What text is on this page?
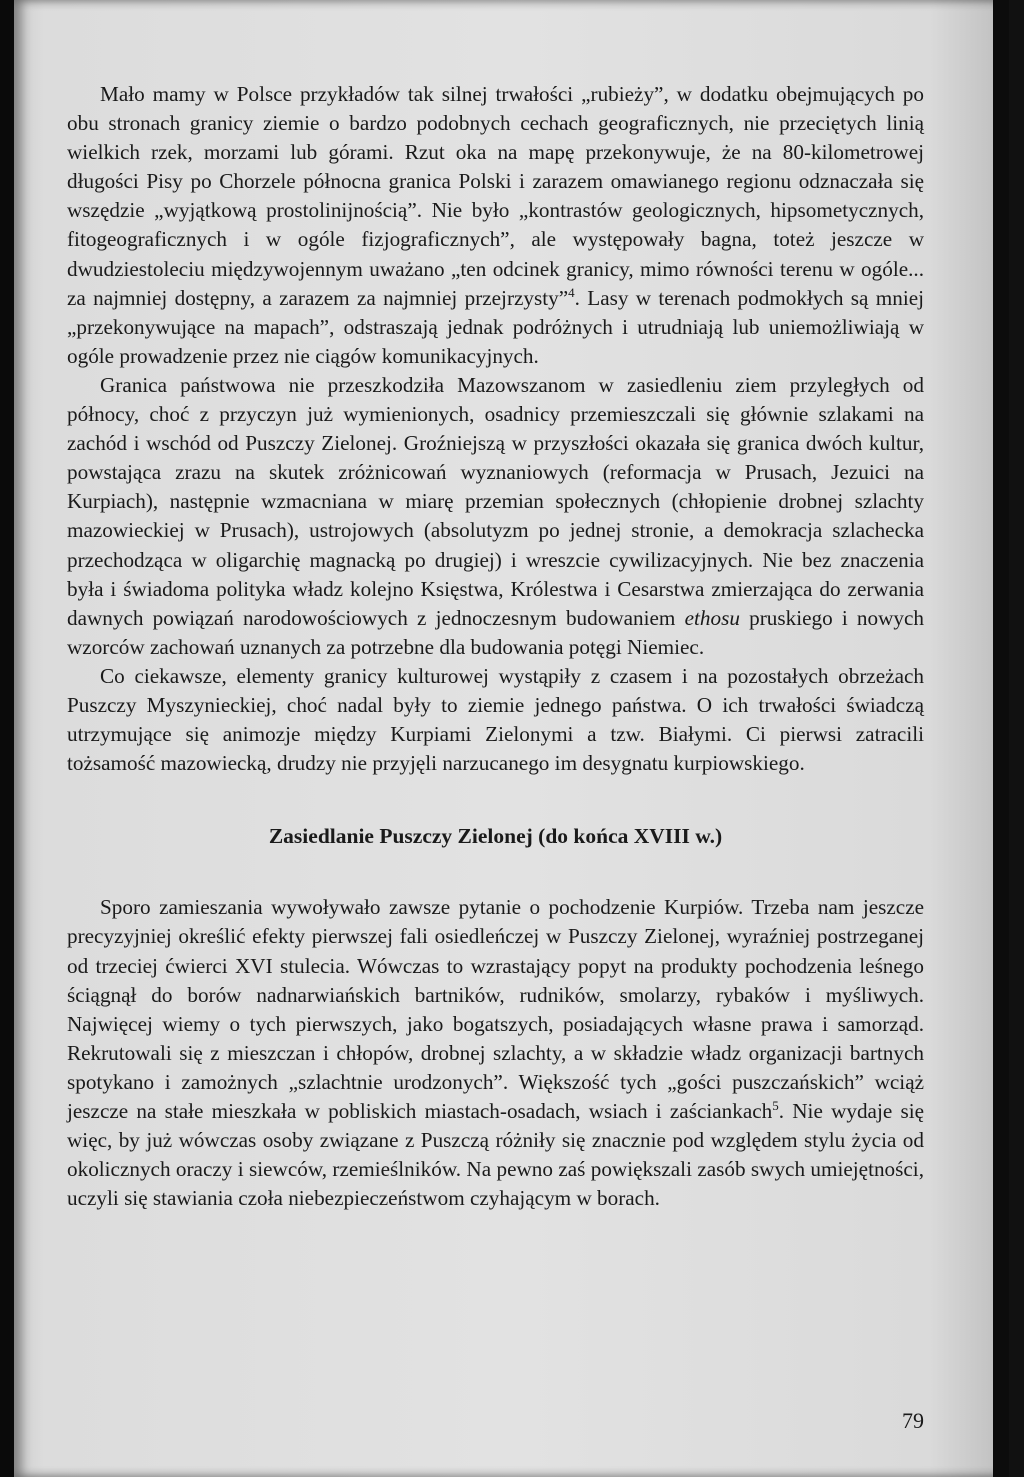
Mało mamy w Polsce przykładów tak silnej trwałości „rubieży”, w dodatku obejmujących po obu stronach granicy ziemie o bardzo podobnych cechach geograficznych, nie przeciętych linią wielkich rzek, morzami lub górami. Rzut oka na mapę przekonywuje, że na 80-kilometrowej długości Pisy po Chorzele północna granica Polski i zarazem omawianego regionu odznaczała się wszędzie „wyjątkową prostolinijnością”. Nie było „kontrastów geologicznych, hipsometycznych, fitogeograficznych i w ogóle fizjograficznych”, ale występowały bagna, toteż jeszcze w dwudziestoleciu międzywojennym uważano „ten odcinek granicy, mimo równości terenu w ogóle... za najmniej dostępny, a zarazem za najmniej przejrzysty”$^4$. Lasy w terenach podmokłych są mniej „przekonywujące na mapach”, odstraszają jednak podróżnych i utrudniają lub uniemożliwiają w ogóle prowadzenie przez nie ciągów komunikacyjnych.

Granica państwowa nie przeszkodziła Mazowszanom w zasiedleniu ziem przyległych od północy, choć z przyczyn już wymienionych, osadnicy przemieszczali się głównie szlakami na zachód i wschód od Puszczy Zielonej. Groźniejszą w przyszłości okazała się granica dwóch kultur, powstająca zrazu na skutek zróżnicowań wyznaniowych (reformacja w Prusach, Jezuici na Kurpiach), następnie wzmacniana w miarę przemian społecznych (chłopienie drobnej szlachty mazowieckiej w Prusach), ustrojowych (absolutyzm po jednej stronie, a demokracja szlachecka przechodząca w oligarchię magnacką po drugiej) i wreszcie cywilizacyjnych. Nie bez znaczenia była i świadoma polityka władz kolejno Księstwa, Królestwa i Cesarstwa zmierzająca do zerwania dawnych powiązań narodowościowych z jednoczesnym budowaniem ethosu pruskiego i nowych wzorców zachowań uznanych za potrzebne dla budowania potęgi Niemiec.

Co ciekawsze, elementy granicy kulturowej wystąpiły z czasem i na pozostałych obrzeżach Puszczy Myszynieckiej, choć nadal były to ziemie jednego państwa. O ich trwałości świadczą utrzymujące się animozje między Kurpiami Zielonymi a tzw. Białymi. Ci pierwsi zatracili tożsamość mazowiecką, drudzy nie przyjęli narzucanego im desygnatu kurpiowskiego.

Zasiedlanie Puszczy Zielonej (do końca XVIII w.)

Sporo zamieszania wywoływało zawsze pytanie o pochodzenie Kurpiów. Trzeba nam jeszcze precyzyjniej określić efekty pierwszej fali osiedleńczej w Puszczy Zielonej, wyraźniej postrzeganej od trzeciej ćwierci XVI stulecia. Wówczas to wzrastający popyt na produkty pochodzenia leśnego ściągnął do borów nadnarwiańskich bartników, rudników, smolarzy, rybaków i myśliwych. Najwięcej wiemy o tych pierwszych, jako bogatszych, posiadających własne prawa i samorząd. Rekrutowali się z mieszczan i chłopów, drobnej szlachty, a w składzie władz organizacji bartnych spotykano i zamożnych „szlachtnie urodzonych”. Większość tych „gości puszczańskich” wciąż jeszcze na stałe mieszkała w pobliskich miastach-osadach, wsiach i zaściankach$^5$. Nie wydaje się więc, by już wówczas osoby związane z Puszczą różniły się znacznie pod względem stylu życia od okolicznych oraczy i siewców, rzemieślników. Na pewno zaś powiększali zasób swych umiejętności, uczyli się stawiania czoła niebezpieczeństwom czyhającym w borach.

79
